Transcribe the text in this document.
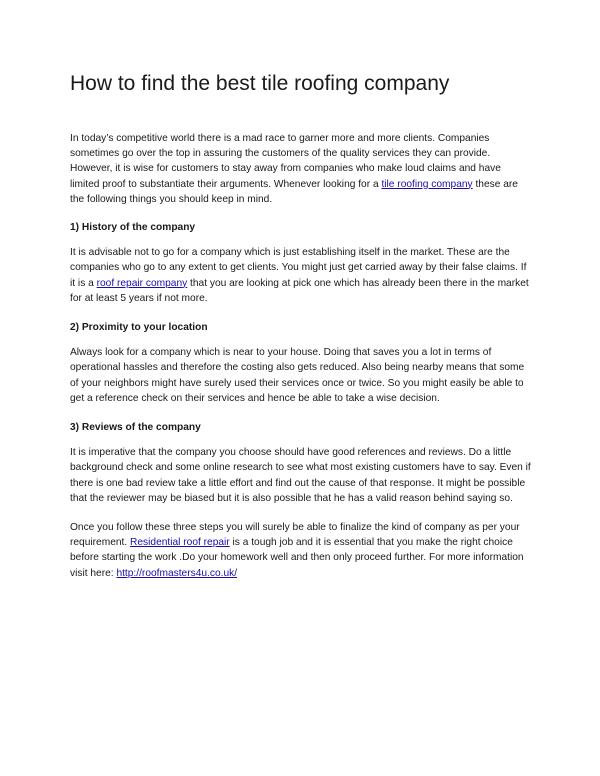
How to find the best tile roofing company

In today’s competitive world there is a mad race to garner more and more clients. Companies sometimes go over the top in assuring the customers of the quality services they can provide. However, it is wise for customers to stay away from companies who make loud claims and have limited proof to substantiate their arguments. Whenever looking for a tile roofing company these are the following things you should keep in mind.

1) History of the company

It is advisable not to go for a company which is just establishing itself in the market. These are the companies who go to any extent to get clients. You might just get carried away by their false claims. If it is a roof repair company that you are looking at pick one which has already been there in the market for at least 5 years if not more.

2) Proximity to your location

Always look for a company which is near to your house. Doing that saves you a lot in terms of operational hassles and therefore the costing also gets reduced. Also being nearby means that some of your neighbors might have surely used their services once or twice. So you might easily be able to get a reference check on their services and hence be able to take a wise decision.

3) Reviews of the company

It is imperative that the company you choose should have good references and reviews. Do a little background check and some online research to see what most existing customers have to say. Even if there is one bad review take a little effort and find out the cause of that response. It might be possible that the reviewer may be biased but it is also possible that he has a valid reason behind saying so.

Once you follow these three steps you will surely be able to finalize the kind of company as per your requirement. Residential roof repair is a tough job and it is essential that you make the right choice before starting the work .Do your homework well and then only proceed further. For more information visit here: http://roofmasters4u.co.uk/
